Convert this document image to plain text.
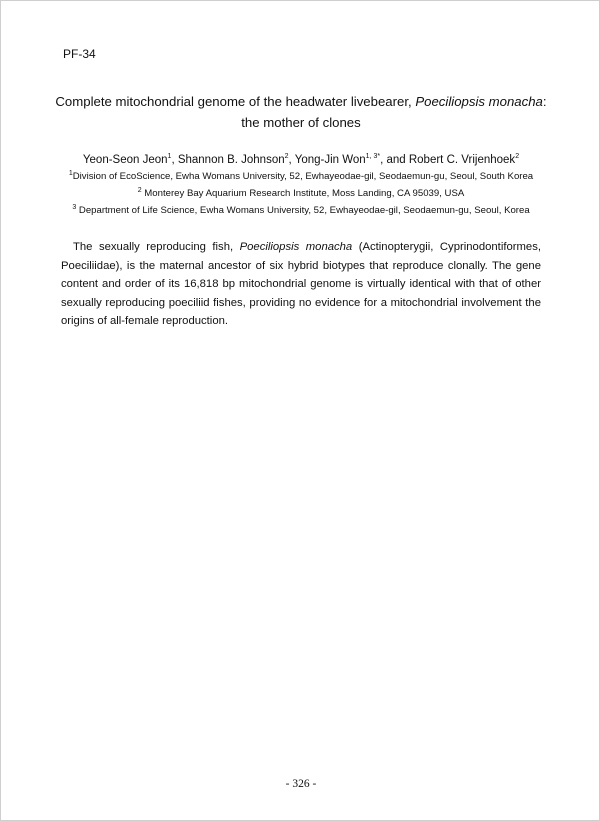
PF-34
Complete mitochondrial genome of the headwater livebearer, Poeciliopsis monacha:
the mother of clones
Yeon-Seon Jeon$^1$, Shannon B. Johnson$^2$, Yong-Jin Won$^{1, 3*}$, and Robert C. Vrijenhoek$^2$
$^1$Division of EcoScience, Ewha Womans University, 52, Ewhayeodae-gil, Seodaemun-gu, Seoul, South Korea
$^2$ Monterey Bay Aquarium Research Institute, Moss Landing, CA 95039, USA
$^3$ Department of Life Science, Ewha Womans University, 52, Ewhayeodae-gil, Seodaemun-gu, Seoul, Korea
The sexually reproducing fish, Poeciliopsis monacha (Actinopterygii, Cyprinodontiformes, Poeciliidae), is the maternal ancestor of six hybrid biotypes that reproduce clonally. The gene content and order of its 16,818 bp mitochondrial genome is virtually identical with that of other sexually reproducing poeciliid fishes, providing no evidence for a mitochondrial involvement the origins of all-female reproduction.
- 326 -
